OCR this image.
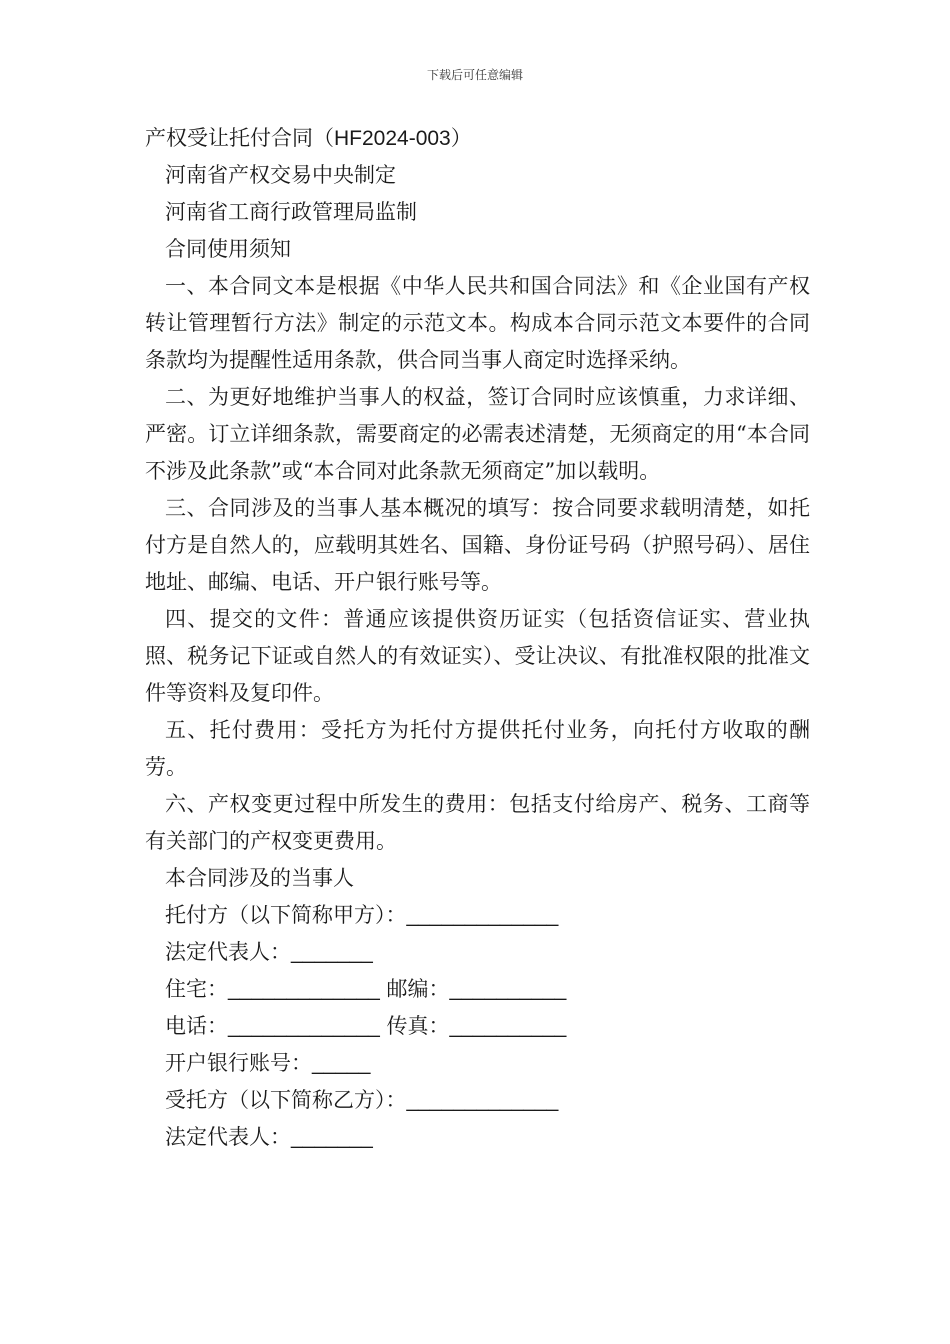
下载后可任意编辑

产权受让托付合同（HF2024-003）

河南省产权交易中央制定

河南省工商行政管理局监制

合同使用须知

一、本合同文本是根据《中华人民共和国合同法》和《企业国有产权转让管理暂行方法》制定的示范文本。构成本合同示范文本要件的合同条款均为提醒性适用条款，供合同当事人商定时选择采纳。

二、为更好地维护当事人的权益，签订合同时应该慎重，力求详细、严密。订立详细条款，需要商定的必需表述清楚，无须商定的用“本合同不涉及此条款”或“本合同对此条款无须商定”加以载明。

三、合同涉及的当事人基本概况的填写：按合同要求载明清楚，如托付方是自然人的，应载明其姓名、国籍、身份证号码（护照号码）、居住地址、邮编、电话、开户银行账号等。

四、提交的文件：普通应该提供资历证实（包括资信证实、营业执照、税务记下证或自然人的有效证实）、受让决议、有批准权限的批准文件等资料及复印件。

五、托付费用：受托方为托付方提供托付业务，向托付方收取的酬劳。

六、产权变更过程中所发生的费用：包括支付给房产、税务、工商等有关部门的产权变更费用。

本合同涉及的当事人

托付方（以下简称甲方）：_____________

法定代表人：_______

住宅：_____________ 邮编：__________

电话：_____________ 传真：__________

开户银行账号：_____

受托方（以下简称乙方）：_____________

法定代表人：_______
